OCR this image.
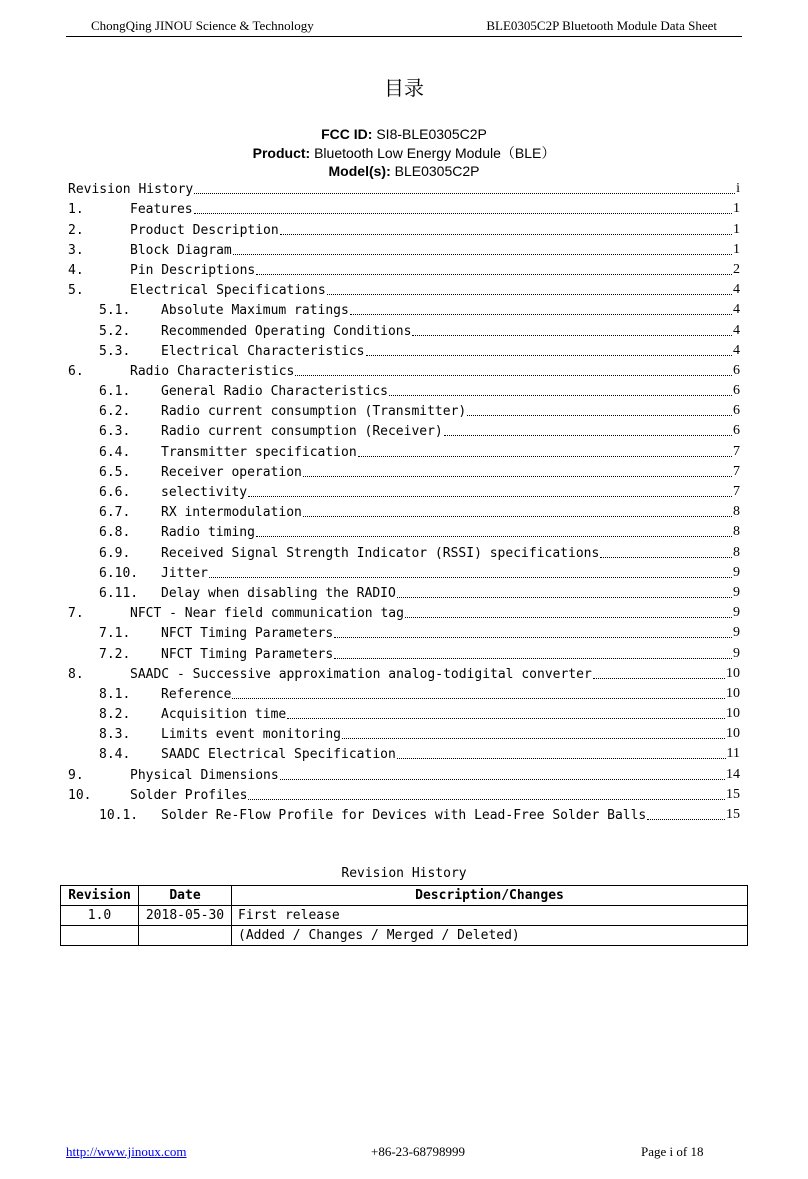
ChongQing JINOU Science & Technology	BLE0305C2P Bluetooth Module Data Sheet
目录
FCC ID: SI8-BLE0305C2P
Product: Bluetooth Low Energy Module（BLE）
Model(s): BLE0305C2P
Revision History	i
1.	Features	1
2.	Product Description	1
3.	Block Diagram	1
4.	Pin Descriptions	2
5.	Electrical Specifications	4
5.1. Absolute Maximum ratings	4
5.2. Recommended Operating Conditions	4
5.3. Electrical Characteristics	4
6.	Radio Characteristics	6
6.1. General Radio Characteristics	6
6.2. Radio current consumption (Transmitter)	6
6.3. Radio current consumption (Receiver)	6
6.4. Transmitter specification	7
6.5. Receiver operation	7
6.6. selectivity	7
6.7. RX intermodulation	8
6.8. Radio timing	8
6.9. Received Signal Strength Indicator (RSSI) specifications	8
6.10. Jitter	9
6.11. Delay when disabling the RADIO	9
7.	NFCT - Near field communication tag	9
7.1. NFCT Timing Parameters	9
7.2. NFCT Timing Parameters	9
8.	SAADC - Successive approximation analog-todigital converter	10
8.1. Reference	10
8.2. Acquisition time	10
8.3. Limits event monitoring	10
8.4. SAADC Electrical Specification	11
9.	Physical Dimensions	14
10.	Solder Profiles	15
10.1. Solder Re-Flow Profile for Devices with Lead-Free Solder Balls	15
Revision History
Revision	Date	Description/Changes
1.0	2018-05-30	First release
		(Added / Changes / Merged / Deleted)
http://www.jinoux.com	+86-23-68798999	Page i of 18
